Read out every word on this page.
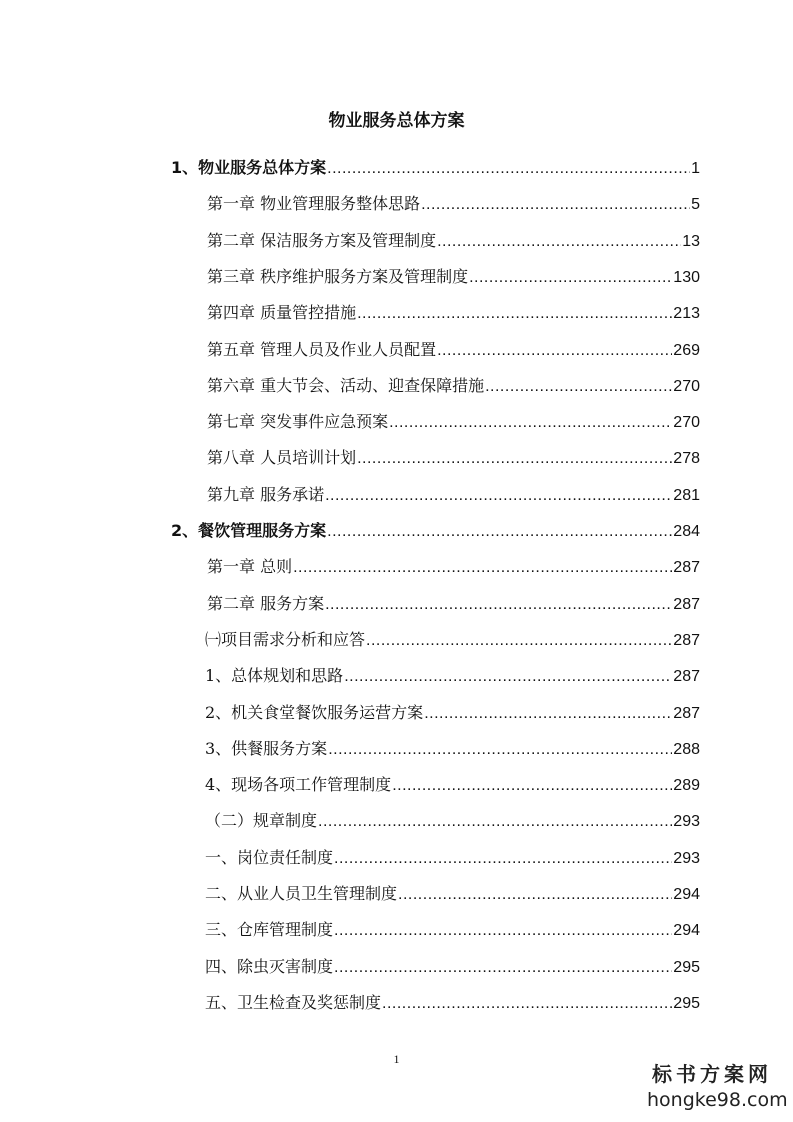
物业服务总体方案
1、物业服务总体方案 .....	1
第一章 物业管理服务整体思路 .....	5
第二章 保洁服务方案及管理制度 .....	13
第三章 秩序维护服务方案及管理制度 .....	130
第四章 质量管控措施 .....	213
第五章 管理人员及作业人员配置 .....	269
第六章 重大节会、活动、迎查保障措施 .....	270
第七章 突发事件应急预案 .....	270
第八章 人员培训计划 .....	278
第九章 服务承诺 .....	281
2、餐饮管理服务方案 .....	284
第一章 总则 .....	287
第二章 服务方案 .....	287
㈠项目需求分析和应答 .....	287
1、总体规划和思路 .....	287
2、机关食堂餐饮服务运营方案 .....	287
3、供餐服务方案 .....	288
4、现场各项工作管理制度 .....	289
（二）规章制度 .....	293
一、岗位责任制度 .....	293
二、从业人员卫生管理制度 .....	294
三、仓库管理制度 .....	294
四、除虫灭害制度 .....	295
五、卫生检查及奖惩制度 .....	295
1
标书方案网
hongke98.com
